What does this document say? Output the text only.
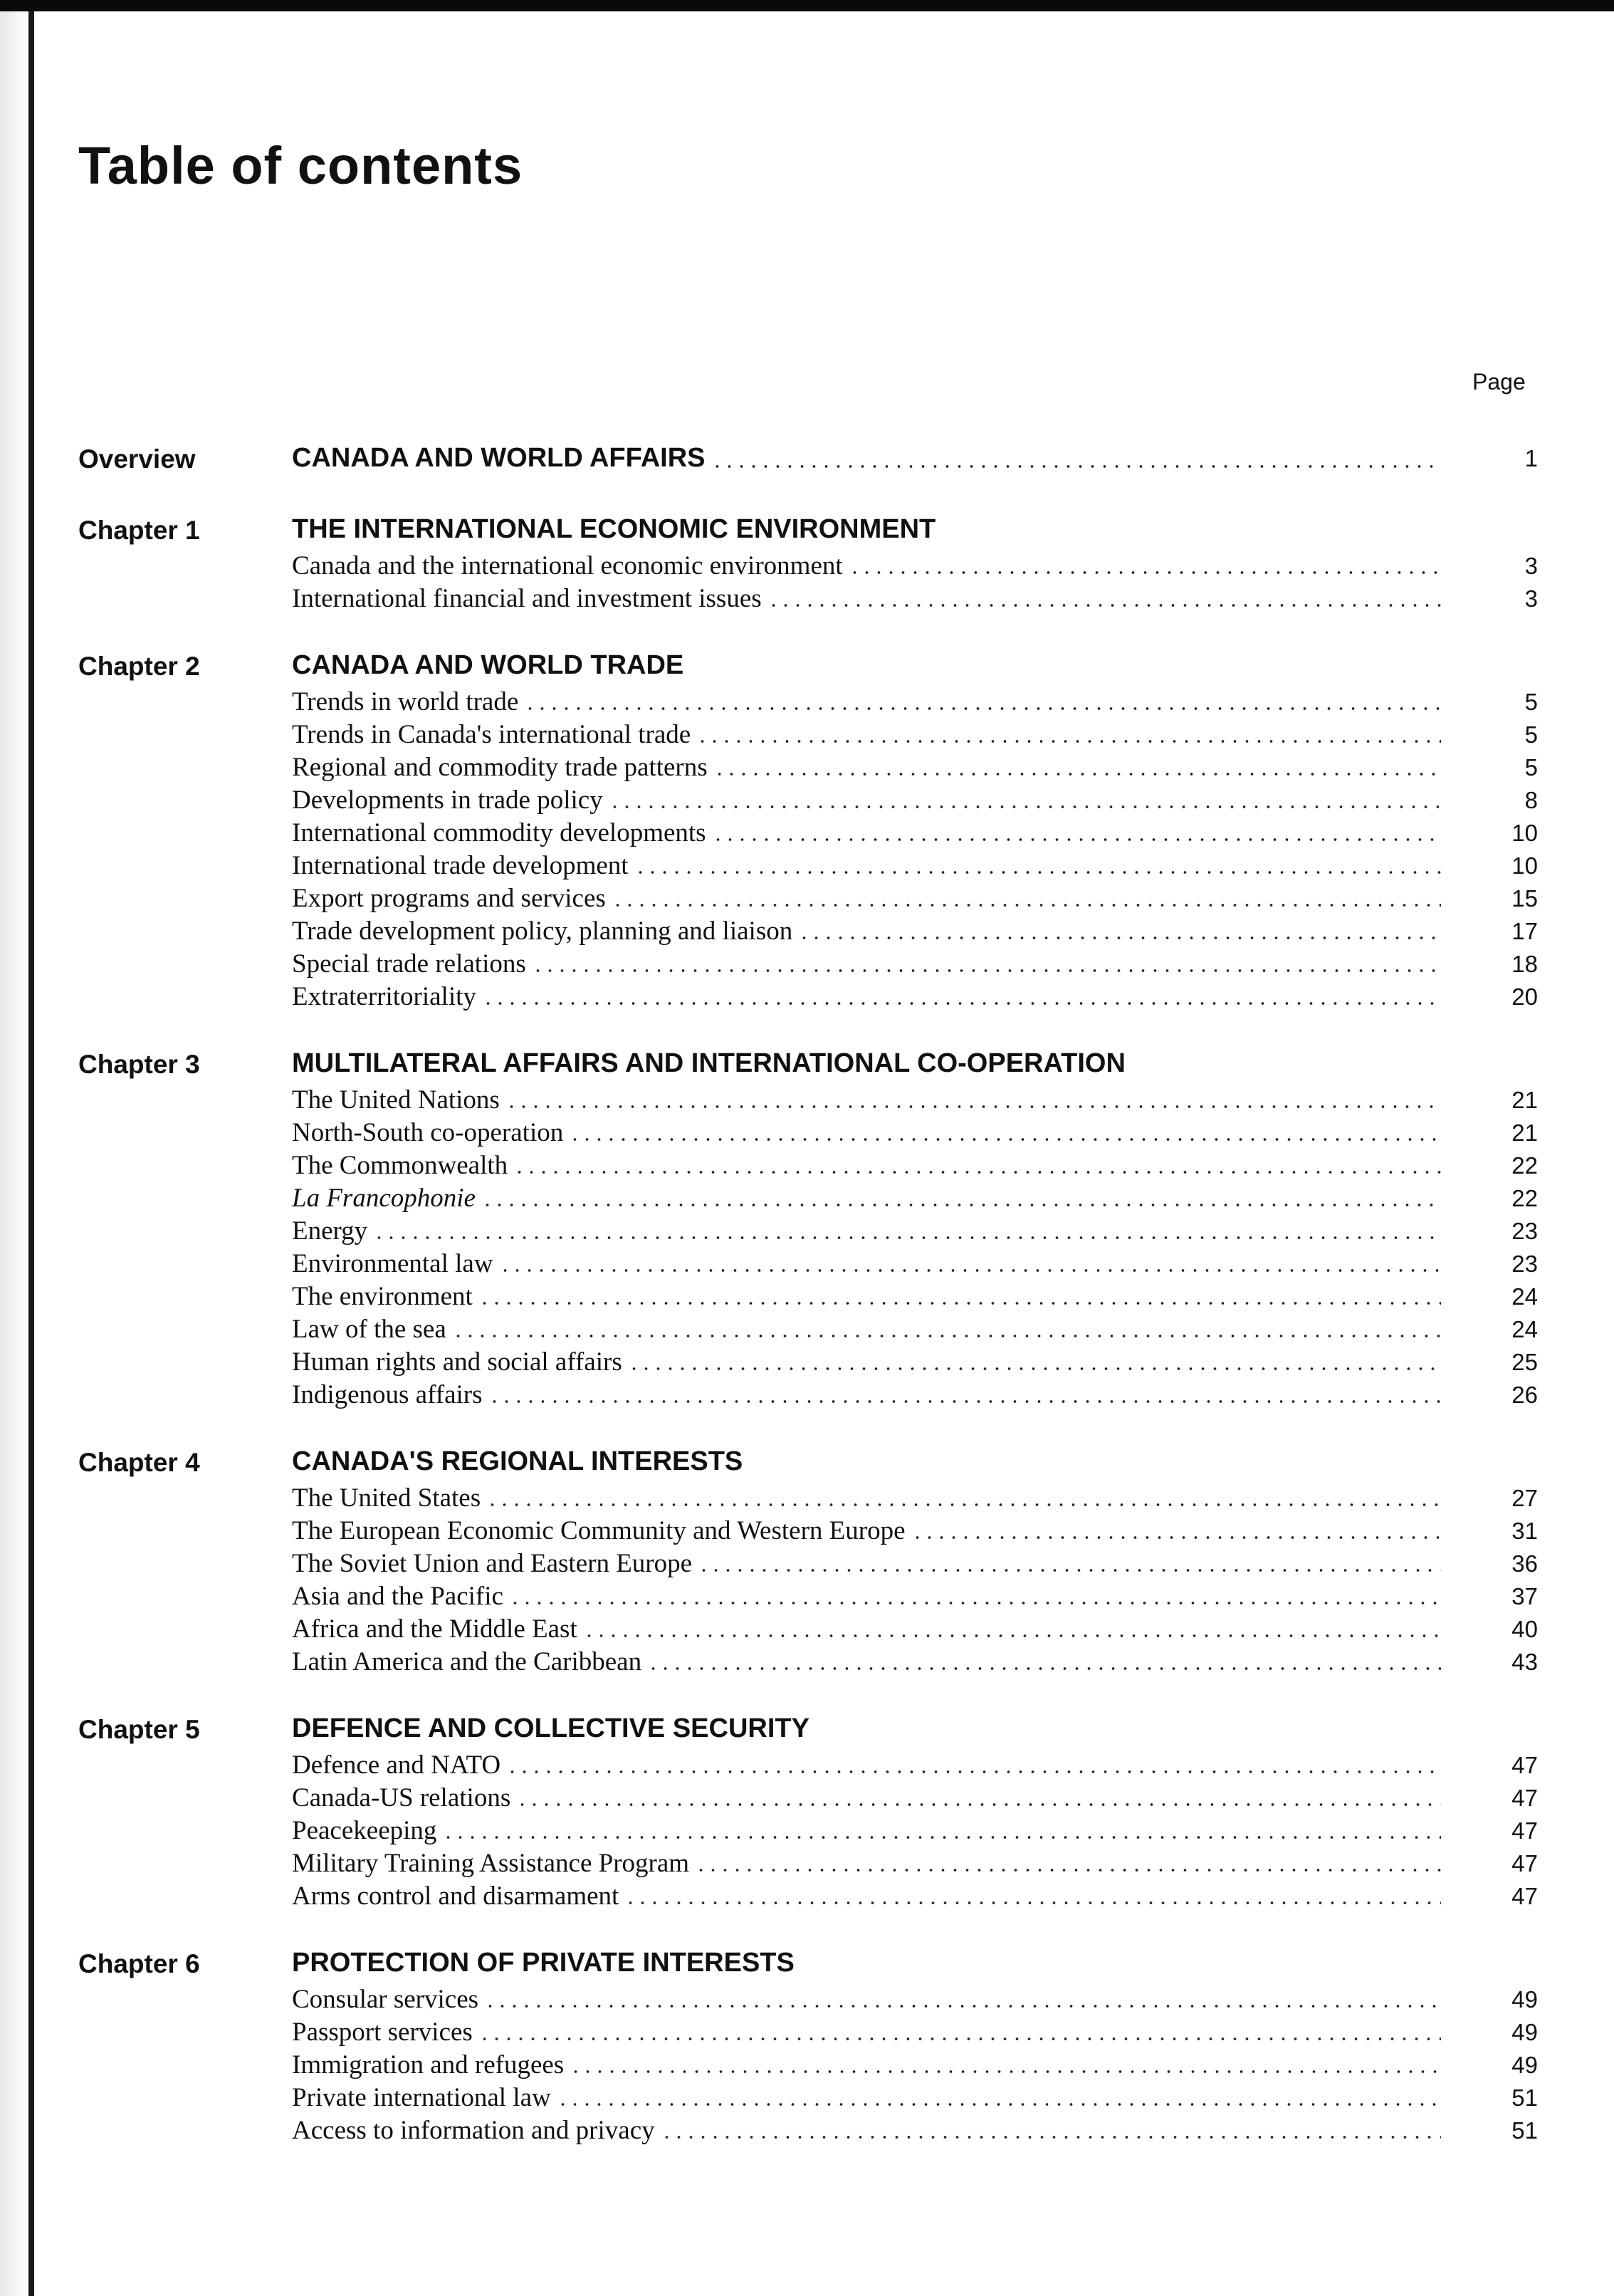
Table of contents
Page
Overview	CANADA AND WORLD AFFAIRS	1
Chapter 1	THE INTERNATIONAL ECONOMIC ENVIRONMENT
Canada and the international economic environment	3
International financial and investment issues	3
Chapter 2	CANADA AND WORLD TRADE
Trends in world trade	5
Trends in Canada's international trade	5
Regional and commodity trade patterns	5
Developments in trade policy	8
International commodity developments	10
International trade development	10
Export programs and services	15
Trade development policy, planning and liaison	17
Special trade relations	18
Extraterritoriality	20
Chapter 3	MULTILATERAL AFFAIRS AND INTERNATIONAL CO-OPERATION
The United Nations	21
North-South co-operation	21
The Commonwealth	22
La Francophonie	22
Energy	23
Environmental law	23
The environment	24
Law of the sea	24
Human rights and social affairs	25
Indigenous affairs	26
Chapter 4	CANADA'S REGIONAL INTERESTS
The United States	27
The European Economic Community and Western Europe	31
The Soviet Union and Eastern Europe	36
Asia and the Pacific	37
Africa and the Middle East	40
Latin America and the Caribbean	43
Chapter 5	DEFENCE AND COLLECTIVE SECURITY
Defence and NATO	47
Canada-US relations	47
Peacekeeping	47
Military Training Assistance Program	47
Arms control and disarmament	47
Chapter 6	PROTECTION OF PRIVATE INTERESTS
Consular services	49
Passport services	49
Immigration and refugees	49
Private international law	51
Access to information and privacy	51
